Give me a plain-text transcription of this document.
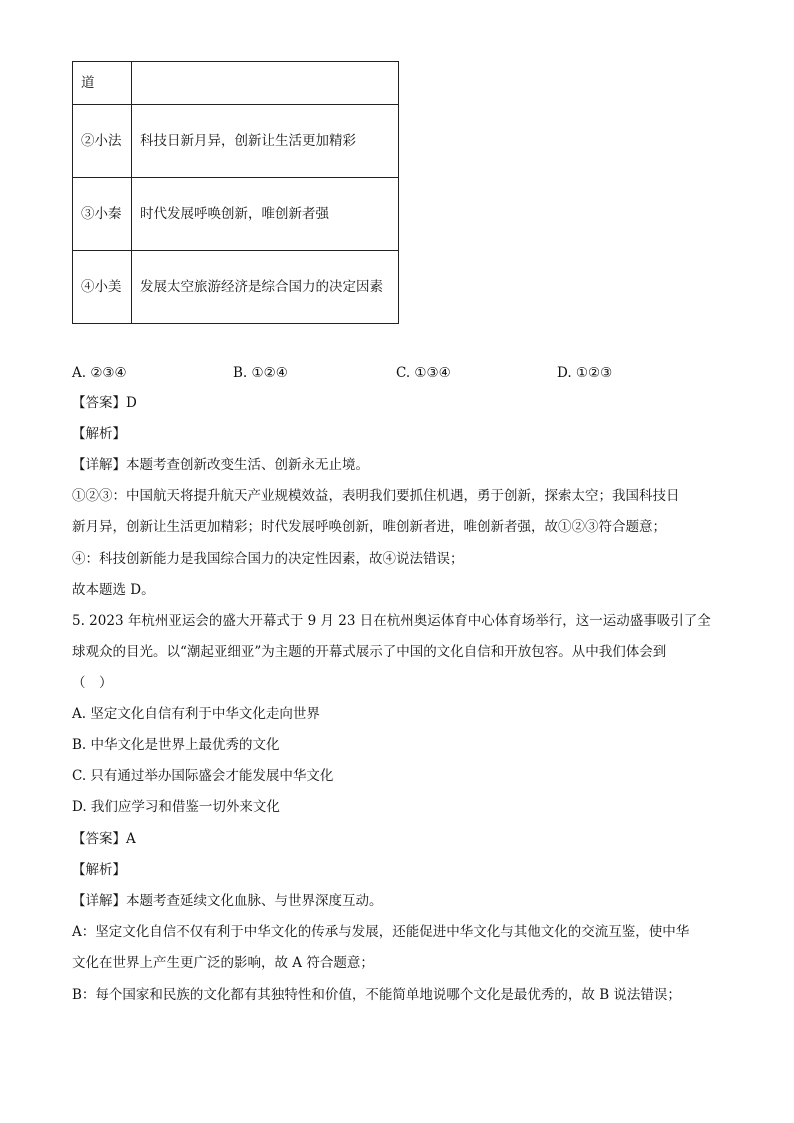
道	
②小法	科技日新月异，创新让生活更加精彩
③小秦	时代发展呼唤创新，唯创新者强
④小美	发展太空旅游经济是综合国力的决定因素
A. ②③④	B. ①②④	C. ①③④	D. ①②③
【答案】D
【解析】
【详解】本题考查创新改变生活、创新永无止境。
①②③：中国航天将提升航天产业规模效益，表明我们要抓住机遇，勇于创新，探索太空；我国科技日
新月异，创新让生活更加精彩；时代发展呼唤创新，唯创新者进，唯创新者强，故①②③符合题意；
④：科技创新能力是我国综合国力的决定性因素，故④说法错误；
故本题选 D。
5. 2023 年杭州亚运会的盛大开幕式于 9 月 23 日在杭州奥运体育中心体育场举行，这一运动盛事吸引了全
球观众的目光。以“潮起亚细亚”为主题的开幕式展示了中国的文化自信和开放包容。从中我们体会到
（　）
A. 坚定文化自信有利于中华文化走向世界
B. 中华文化是世界上最优秀的文化
C. 只有通过举办国际盛会才能发展中华文化
D. 我们应学习和借鉴一切外来文化
【答案】A
【解析】
【详解】本题考查延续文化血脉、与世界深度互动。
A：坚定文化自信不仅有利于中华文化的传承与发展，还能促进中华文化与其他文化的交流互鉴，使中华
文化在世界上产生更广泛的影响，故 A 符合题意；
B：每个国家和民族的文化都有其独特性和价值，不能简单地说哪个文化是最优秀的，故 B 说法错误；
